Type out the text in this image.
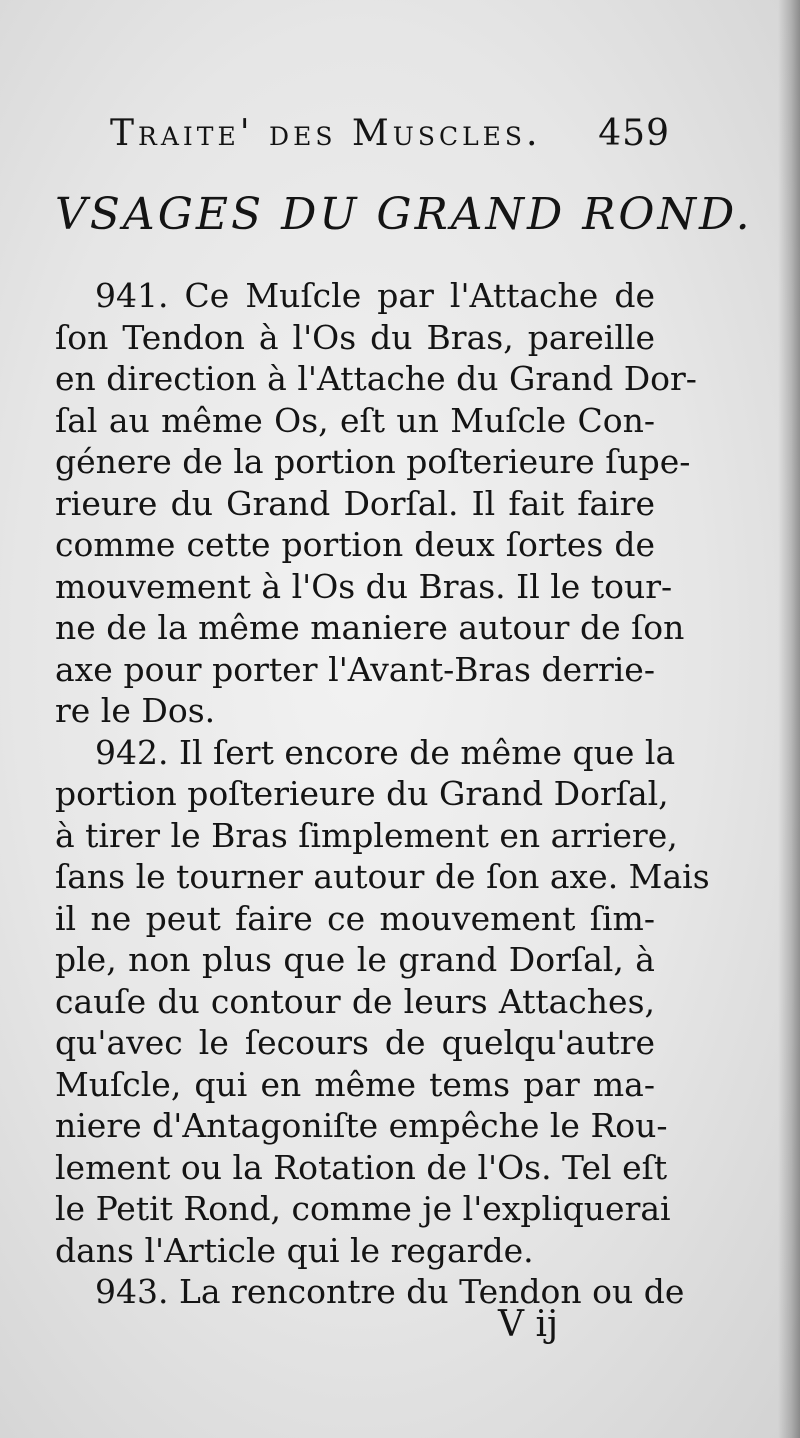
Traite' des Muscles. 459
VSAGES DU GRAND ROND.
941. Ce Muſcle par l'Attache de
ſon Tendon à l'Os du Bras, pareille
en direction à l'Attache du Grand Dor-
ſal au même Os, eſt un Muſcle Con-
génere de la portion poſterieure ſupe-
rieure du Grand Dorſal. Il fait faire
comme cette portion deux ſortes de
mouvement à l'Os du Bras. Il le tour-
ne de la même maniere autour de ſon
axe pour porter l'Avant-Bras derrie-
re le Dos.
942. Il ſert encore de même que la
portion poſterieure du Grand Dorſal,
à tirer le Bras ſimplement en arriere,
ſans le tourner autour de ſon axe. Mais
il ne peut faire ce mouvement ſim-
ple, non plus que le grand Dorſal, à
cauſe du contour de leurs Attaches,
qu'avec le ſecours de quelqu'autre
Muſcle, qui en même tems par ma-
niere d'Antagoniſte empêche le Rou-
lement ou la Rotation de l'Os. Tel eſt
le Petit Rond, comme je l'expliquerai
dans l'Article qui le regarde.
943. La rencontre du Tendon ou de
V ij
